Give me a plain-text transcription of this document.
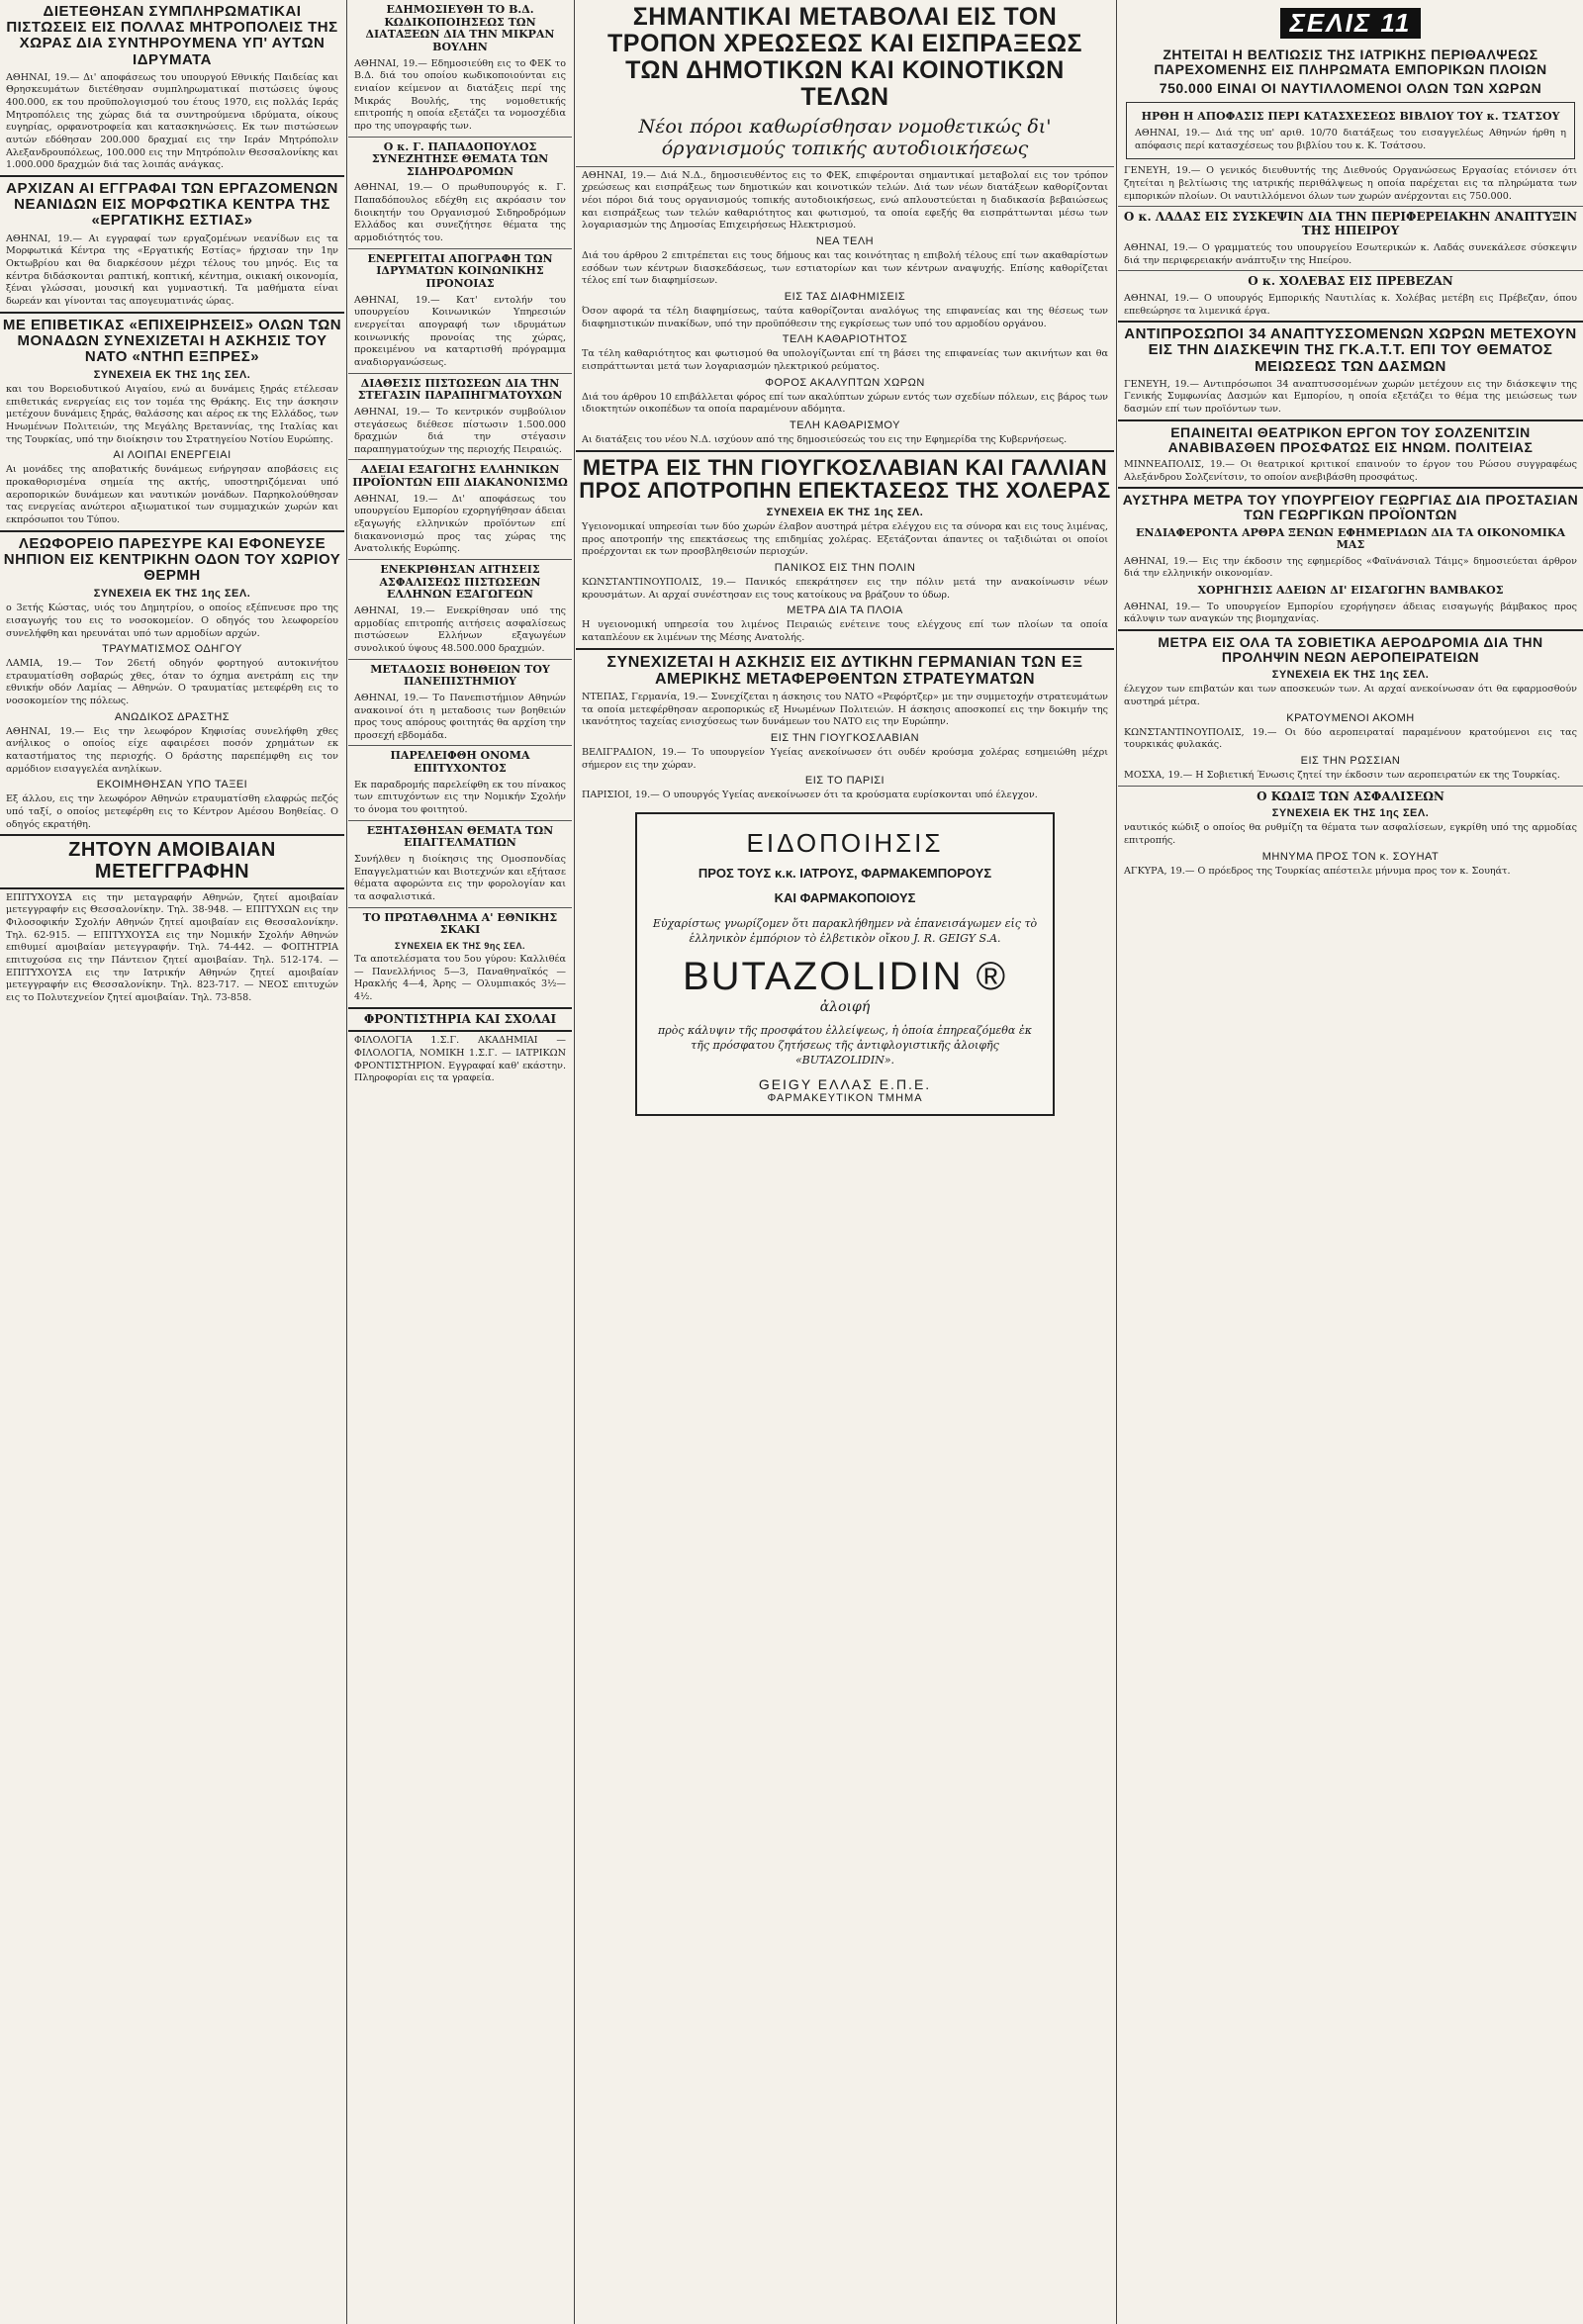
ΔΙΕΤΕΘΗΣΑΝ ΣΥΜΠΛΗΡΩΜΑΤΙΚΑΙ ΠΙΣΤΩΣΕΙΣ ΕΙΣ ΠΟΛΛΑΣ ΜΗΤΡΟΠΟΛΕΙΣ ΤΗΣ ΧΩΡΑΣ ΔΙΑ ΣΥΝΤΗΡΟΥΜΕΝΑ ΥΠ' ΑΥΤΩΝ ΙΔΡΥΜΑΤΑ
ΑΘΗΝΑΙ, 19.— Δι' αποφάσεως του υπουργού Εθνικής Παιδείας και Θρησκευμάτων διετέθησαν συμπληρωματικαί πιστώσεις ύψους 400.000, εκ του προϋπολογισμού του έτους 1970, εις πολλάς Ιεράς Μητροπόλεις της χώρας διά τα συντηρούμενα ιδρύματα, οίκους ευγηρίας, ορφανοτροφεία και κατασκηνώσεις. Εκ των πιστώσεων αυτών εδόθησαν 200.000 δραχμαί εις την Ιεράν Μητρόπολιν Αλεξανδρουπόλεως, 100.000 εις την Μητρόπολιν Θεσσαλονίκης και 1.000.000 δραχμών διά τας λοιπάς ανάγκας.
ΑΡΧΙΖΑΝ ΑΙ ΕΓΓΡΑΦΑΙ ΤΩΝ ΕΡΓΑΖΟΜΕΝΩΝ ΝΕΑΝΙΔΩΝ ΕΙΣ ΜΟΡΦΩΤΙΚΑ ΚΕΝΤΡΑ ΤΗΣ «ΕΡΓΑΤΙΚΗΣ ΕΣΤΙΑΣ»
ΑΘΗΝΑΙ, 19.— Αι εγγραφαί των εργαζομένων νεανίδων εις τα Μορφωτικά Κέντρα της «Εργατικής Εστίας» ήρχισαν την 1ην Οκτωβρίου και θα διαρκέσουν μέχρι τέλους του μηνός. Εις τα κέντρα διδάσκονται ραπτική, κοπτική, κέντημα, οικιακή οικονομία, ξέναι γλώσσαι, μουσική και γυμναστική. Τα μαθήματα είναι δωρεάν και γίνονται τας απογευματινάς ώρας.
ΜΕ ΕΠΙΒΕΤΙΚΑΣ «ΕΠΙΧΕΙΡΗΣΕΙΣ» ΟΛΩΝ ΤΩΝ ΜΟΝΑΔΩΝ ΣΥΝΕΧΙΖΕΤΑΙ Η ΑΣΚΗΣΙΣ ΤΟΥ ΝΑΤΟ «ΝΤΗΠ ΕΞΠΡΕΣ»
ΣΥΝΕΧΕΙΑ ΕΚ ΤΗΣ 1ης ΣΕΛ.
και του Βορειοδυτικού Αιγαίου, ενώ αι δυνάμεις ξηράς ετέλεσαν επιθετικάς ενεργείας εις τον τομέα της Θράκης. Εις την άσκησιν μετέχουν δυνάμεις ξηράς, θαλάσσης και αέρος εκ της Ελλάδος, των Ηνωμένων Πολιτειών, της Μεγάλης Βρεταννίας, της Ιταλίας και της Τουρκίας, υπό την διοίκησιν του Στρατηγείου Νοτίου Ευρώπης.
ΑΙ ΛΟΙΠΑΙ ΕΝΕΡΓΕΙΑΙ
Αι μονάδες της αποβατικής δυνάμεως ενήργησαν αποβάσεις εις προκαθορισμένα σημεία της ακτής, υποστηριζόμεναι υπό αεροπορικών δυνάμεων και ναυτικών μονάδων. Παρηκολούθησαν τας ενεργείας ανώτεροι αξιωματικοί των συμμαχικών χωρών και εκπρόσωποι του Τύπου.
ΛΕΩΦΟΡΕΙΟ ΠΑΡΕΣΥΡΕ ΚΑΙ ΕΦΟΝΕΥΣΕ ΝΗΠΙΟΝ ΕΙΣ ΚΕΝΤΡΙΚΗΝ ΟΔΟΝ ΤΟΥ ΧΩΡΙΟΥ ΘΕΡΜΗ
ΣΥΝΕΧΕΙΑ ΕΚ ΤΗΣ 1ης ΣΕΛ.
ο 3ετής Κώστας, υιός του Δημητρίου, ο οποίος εξέπνευσε προ της εισαγωγής του εις το νοσοκομείον. Ο οδηγός του λεωφορείου συνελήφθη και ηρευνάται υπό των αρμοδίων αρχών.
ΤΡΑΥΜΑΤΙΣΜΟΣ ΟΔΗΓΟΥ
ΛΑΜΙΑ, 19.— Τον 26ετή οδηγόν φορτηγού αυτοκινήτου ετραυματίσθη σοβαρώς χθες, όταν το όχημα ανετράπη εις την εθνικήν οδόν Λαμίας — Αθηνών. Ο τραυματίας μετεφέρθη εις το νοσοκομείον της πόλεως.
ΑΝΩΔΙΚΟΣ ΔΡΑΣΤΗΣ
ΑΘΗΝΑΙ, 19.— Εις την λεωφόρον Κηφισίας συνελήφθη χθες ανήλικος ο οποίος είχε αφαιρέσει ποσόν χρημάτων εκ καταστήματος της περιοχής. Ο δράστης παρεπέμφθη εις τον αρμόδιον εισαγγελέα ανηλίκων.
ΕΚΟΙΜΗΘΗΣΑΝ ΥΠΟ ΤΑΞΕΙ
Εξ άλλου, εις την λεωφόρον Αθηνών ετραυματίσθη ελαφρώς πεζός υπό ταξί, ο οποίος μετεφέρθη εις το Κέντρον Αμέσου Βοηθείας. Ο οδηγός εκρατήθη.
ΖΗΤΟΥΝ ΑΜΟΙΒΑΙΑΝ ΜΕΤΕΓΓΡΑΦΗΝ
ΕΠΙΤΥΧΟΥΣΑ εις την μεταγραφήν Αθηνών, ζητεί αμοιβαίαν μετεγγραφήν εις Θεσσαλονίκην. Τηλ. 38-948. — ΕΠΙΤΥΧΩΝ εις την Φιλοσοφικήν Σχολήν Αθηνών ζητεί αμοιβαίαν εις Θεσσαλονίκην. Τηλ. 62-915. — ΕΠΙΤΥΧΟΥΣΑ εις την Νομικήν Σχολήν Αθηνών επιθυμεί αμοιβαίαν μετεγγραφήν. Τηλ. 74-442. — ΦΟΙΤΗΤΡΙΑ επιτυχούσα εις την Πάντειον ζητεί αμοιβαίαν. Τηλ. 512-174. — ΕΠΙΤΥΧΟΥΣΑ εις την Ιατρικήν Αθηνών ζητεί αμοιβαίαν μετεγγραφήν εις Θεσσαλονίκην. Τηλ. 823-717. — ΝΕΟΣ επιτυχών εις το Πολυτεχνείον ζητεί αμοιβαίαν. Τηλ. 73-858.
ΕΔΗΜΟΣΙΕΥΘΗ ΤΟ Β.Δ. ΚΩΔΙΚΟΠΟΙΗΣΕΩΣ ΤΩΝ ΔΙΑΤΑΞΕΩΝ ΔΙΑ ΤΗΝ ΜΙΚΡΑΝ ΒΟΥΛΗΝ
ΑΘΗΝΑΙ, 19.— Εδημοσιεύθη εις το ΦΕΚ το Β.Δ. διά του οποίου κωδικοποιούνται εις ενιαίον κείμενον αι διατάξεις περί της Μικράς Βουλής, της νομοθετικής επιτροπής η οποία εξετάζει τα νομοσχέδια προ της υπογραφής των.
Ο κ. Γ. ΠΑΠΑΔΟΠΟΥΛΟΣ ΣΥΝΕΖΗΤΗΣΕ ΘΕΜΑΤΑ ΤΩΝ ΣΙΔΗΡΟΔΡΟΜΩΝ
ΑΘΗΝΑΙ, 19.— Ο πρωθυπουργός κ. Γ. Παπαδόπουλος εδέχθη εις ακρόασιν τον διοικητήν του Οργανισμού Σιδηροδρόμων Ελλάδος και συνεζήτησε θέματα της αρμοδιότητός του.
ΕΝΕΡΓΕΙΤΑΙ ΑΠΟΓΡΑΦΗ ΤΩΝ ΙΔΡΥΜΑΤΩΝ ΚΟΙΝΩΝΙΚΗΣ ΠΡΟΝΟΙΑΣ
ΑΘΗΝΑΙ, 19.— Κατ' εντολήν του υπουργείου Κοινωνικών Υπηρεσιών ενεργείται απογραφή των ιδρυμάτων κοινωνικής προνοίας της χώρας, προκειμένου να καταρτισθή πρόγραμμα αναδιοργανώσεως.
ΔΙΑΘΕΣΙΣ ΠΙΣΤΩΣΕΩΝ ΔΙΑ ΤΗΝ ΣΤΕΓΑΣΙΝ ΠΑΡΑΠΗΓΜΑΤΟΥΧΩΝ
ΑΘΗΝΑΙ, 19.— Το κεντρικόν συμβούλιον στεγάσεως διέθεσε πίστωσιν 1.500.000 δραχμών διά την στέγασιν παραπηγματούχων της περιοχής Πειραιώς.
ΑΔΕΙΑΙ ΕΞΑΓΩΓΗΣ ΕΛΛΗΝΙΚΩΝ ΠΡΟΪΟΝΤΩΝ ΕΠΙ ΔΙΑΚΑΝΟΝΙΣΜΩ
ΑΘΗΝΑΙ, 19.— Δι' αποφάσεως του υπουργείου Εμπορίου εχορηγήθησαν άδειαι εξαγωγής ελληνικών προϊόντων επί διακανονισμώ προς τας χώρας της Ανατολικής Ευρώπης.
ΕΝΕΚΡΙΘΗΣΑΝ ΑΙΤΗΣΕΙΣ ΑΣΦΑΛΙΣΕΩΣ ΠΙΣΤΩΣΕΩΝ ΕΛΛΗΝΩΝ ΕΞΑΓΩΓΕΩΝ
ΑΘΗΝΑΙ, 19.— Ενεκρίθησαν υπό της αρμοδίας επιτροπής αιτήσεις ασφαλίσεως πιστώσεων Ελλήνων εξαγωγέων συνολικού ύψους 48.500.000 δραχμών.
ΜΕΤΑΔΟΣΙΣ ΒΟΗΘΕΙΩΝ ΤΟΥ ΠΑΝΕΠΙΣΤΗΜΙΟΥ
ΑΘΗΝΑΙ, 19.— Το Πανεπιστήμιον Αθηνών ανακοινοί ότι η μεταδοσις των βοηθειών προς τους απόρους φοιτητάς θα αρχίση την προσεχή εβδομάδα.
ΠΑΡΕΛΕΙΦΘΗ ΟΝΟΜΑ ΕΠΙΤΥΧΟΝΤΟΣ
Εκ παραδρομής παρελείφθη εκ του πίνακος των επιτυχόντων εις την Νομικήν Σχολήν το όνομα του φοιτητού.
ΕΞΗΤΑΣΘΗΣΑΝ ΘΕΜΑΤΑ ΤΩΝ ΕΠΑΓΓΕΛΜΑΤΙΩΝ
Συνήλθεν η διοίκησις της Ομοσπονδίας Επαγγελματιών και Βιοτεχνών και εξήτασε θέματα αφορώντα εις την φορολογίαν και τα ασφαλιστικά.
ΤΟ ΠΡΩΤΑΘΛΗΜΑ Α' ΕΘΝΙΚΗΣ ΣΚΑΚΙ
ΣΥΝΕΧΕΙΑ ΕΚ ΤΗΣ 9ης ΣΕΛ.
Τα αποτελέσματα του 5ου γύρου: Καλλιθέα — Πανελλήνιος 5—3, Παναθηναϊκός — Ηρακλής 4—4, Άρης — Ολυμπιακός 3½—4½.
ΦΡΟΝΤΙΣΤΗΡΙΑ ΚΑΙ ΣΧΟΛΑΙ
ΦΙΛΟΛΟΓΙΑ 1.Σ.Γ. ΑΚΑΔΗΜΙΑΙ — ΦΙΛΟΛΟΓΙΑ, ΝΟΜΙΚΗ 1.Σ.Γ. — ΙΑΤΡΙΚΩΝ ΦΡΟΝΤΙΣΤΗΡΙΟΝ. Εγγραφαί καθ' εκάστην. Πληροφορίαι εις τα γραφεία.
ΣΗΜΑΝΤΙΚΑΙ ΜΕΤΑΒΟΛΑΙ ΕΙΣ ΤΟΝ ΤΡΟΠΟΝ ΧΡΕΩΣΕΩΣ ΚΑΙ ΕΙΣΠΡΑΞΕΩΣ ΤΩΝ ΔΗΜΟΤΙΚΩΝ ΚΑΙ ΚΟΙΝΟΤΙΚΩΝ ΤΕΛΩΝ
Νέοι πόροι καθωρίσθησαν νομοθετικώς δι' όργανισμούς τοπικής αυτοδιοικήσεως
ΑΘΗΝΑΙ, 19.— Διά Ν.Δ., δημοσιευθέντος εις το ΦΕΚ, επιφέρονται σημαντικαί μεταβολαί εις τον τρόπον χρεώσεως και εισπράξεως των δημοτικών και κοινοτικών τελών. Διά των νέων διατάξεων καθορίζονται νέοι πόροι διά τους οργανισμούς τοπικής αυτοδιοικήσεως, ενώ απλουστεύεται η διαδικασία βεβαιώσεως και εισπράξεως των τελών καθαριότητος και φωτισμού, τα οποία εφεξής θα εισπράττωνται μέσω των λογαριασμών της Δημοσίας Επιχειρήσεως Ηλεκτρισμού.
ΝΕΑ ΤΕΛΗ
Διά του άρθρου 2 επιτρέπεται εις τους δήμους και τας κοινότητας η επιβολή τέλους επί των ακαθαρίστων εσόδων των κέντρων διασκεδάσεως, των εστιατορίων και των κέντρων αναψυχής. Επίσης καθορίζεται τέλος επί των διαφημίσεων.
ΕΙΣ ΤΑΣ ΔΙΑΦΗΜΙΣΕΙΣ
Όσον αφορά τα τέλη διαφημίσεως, ταύτα καθορίζονται αναλόγως της επιφανείας και της θέσεως των διαφημιστικών πινακίδων, υπό την προϋπόθεσιν της εγκρίσεως των υπό του αρμοδίου οργάνου.
ΤΕΛΗ ΚΑΘΑΡΙΟΤΗΤΟΣ
Τα τέλη καθαριότητος και φωτισμού θα υπολογίζωνται επί τη βάσει της επιφανείας των ακινήτων και θα εισπράττωνται μετά των λογαριασμών ηλεκτρικού ρεύματος.
ΦΟΡΟΣ ΑΚΑΛΥΠΤΩΝ ΧΩΡΩΝ
Διά του άρθρου 10 επιβάλλεται φόρος επί των ακαλύπτων χώρων εντός των σχεδίων πόλεων, εις βάρος των ιδιοκτητών οικοπέδων τα οποία παραμένουν αδόμητα.
ΤΕΛΗ ΚΑΘΑΡΙΣΜΟΥ
Αι διατάξεις του νέου Ν.Δ. ισχύουν από της δημοσιεύσεώς του εις την Εφημερίδα της Κυβερνήσεως.
ΜΕΤΡΑ ΕΙΣ ΤΗΝ ΓΙΟΥΓΚΟΣΛΑΒΙΑΝ ΚΑΙ ΓΑΛΛΙΑΝ ΠΡΟΣ ΑΠΟΤΡΟΠΗΝ ΕΠΕΚΤΑΣΕΩΣ ΤΗΣ ΧΟΛΕΡΑΣ
ΣΥΝΕΧΕΙΑ ΕΚ ΤΗΣ 1ης ΣΕΛ.
Υγειονομικαί υπηρεσίαι των δύο χωρών έλαβον αυστηρά μέτρα ελέγχου εις τα σύνορα και εις τους λιμένας, προς αποτροπήν της επεκτάσεως της επιδημίας χολέρας. Εξετάζονται άπαντες οι ταξιδιώται οι οποίοι προέρχονται εκ των προσβληθεισών περιοχών.
ΠΑΝΙΚΟΣ ΕΙΣ ΤΗΝ ΠΟΛΙΝ
ΚΩΝΣΤΑΝΤΙΝΟΥΠΟΛΙΣ, 19.— Πανικός επεκράτησεν εις την πόλιν μετά την ανακοίνωσιν νέων κρουσμάτων. Αι αρχαί συνέστησαν εις τους κατοίκους να βράζουν το ύδωρ.
ΜΕΤΡΑ ΔΙΑ ΤΑ ΠΛΟΙΑ
Η υγειονομική υπηρεσία του λιμένος Πειραιώς ενέτεινε τους ελέγχους επί των πλοίων τα οποία καταπλέουν εκ λιμένων της Μέσης Ανατολής.
ΣΥΝΕΧΙΖΕΤΑΙ Η ΑΣΚΗΣΙΣ ΕΙΣ ΔΥΤΙΚΗΝ ΓΕΡΜΑΝΙΑΝ ΤΩΝ ΕΞ ΑΜΕΡΙΚΗΣ ΜΕΤΑΦΕΡΘΕΝΤΩΝ ΣΤΡΑΤΕΥΜΑΤΩΝ
ΝΤΕΠΑΣ, Γερμανία, 19.— Συνεχίζεται η άσκησις του ΝΑΤΟ «Ρεφόρτζερ» με την συμμετοχήν στρατευμάτων τα οποία μετεφέρθησαν αεροπορικώς εξ Ηνωμένων Πολιτειών. Η άσκησις αποσκοπεί εις την δοκιμήν της ικανότητος ταχείας ενισχύσεως των δυνάμεων του ΝΑΤΟ εις την Ευρώπην.
ΕΙΣ ΤΗΝ ΓΙΟΥΓΚΟΣΛΑΒΙΑΝ
ΒΕΛΙΓΡΑΔΙΟΝ, 19.— Το υπουργείον Υγείας ανεκοίνωσεν ότι ουδέν κρούσμα χολέρας εσημειώθη μέχρι σήμερον εις την χώραν.
ΕΙΣ ΤΟ ΠΑΡΙΣΙ
ΠΑΡΙΣΙΟΙ, 19.— Ο υπουργός Υγείας ανεκοίνωσεν ότι τα κρούσματα ευρίσκονται υπό έλεγχον.
ΕΙΔΟΠΟΙΗΣΙΣ
ΠΡΟΣ ΤΟΥΣ κ.κ. ΙΑΤΡΟΥΣ, ΦΑΡΜΑΚΕΜΠΟΡΟΥΣ
ΚΑΙ ΦΑΡΜΑΚΟΠΟΙΟΥΣ
Εὐχαρίστως γνωρίζομεν ὅτι παρακλήθημεν νὰ ἐπανεισάγωμεν εἰς τὸ ἑλληνικὸν ἐμπόριον τὸ ἐλβετικὸν οἴκου J. R. GEIGY S.A.
BUTAZOLIDIN ®
ἀλοιφή
πρὸς κάλυψιν τῆς προσφάτου ἐλλείψεως, ἡ ὁποία ἐπηρεαζόμεθα ἐκ τῆς πρόσφατου ζητήσεως τῆς ἀντιφλογιστικῆς ἀλοιφῆς «BUTAZOLIDIN».
GEIGY ΕΛΛΑΣ Ε.Π.Ε.
ΦΑΡΜΑΚΕΥΤΙΚΟΝ ΤΜΗΜΑ
ΣΕΛΙΣ 11
ΖΗΤΕΙΤΑΙ Η ΒΕΛΤΙΩΣΙΣ ΤΗΣ ΙΑΤΡΙΚΗΣ ΠΕΡΙΘΑΛΨΕΩΣ ΠΑΡΕΧΟΜΕΝΗΣ ΕΙΣ ΠΛΗΡΩΜΑΤΑ ΕΜΠΟΡΙΚΩΝ ΠΛΟΙΩΝ
750.000 ΕΙΝΑΙ ΟΙ ΝΑΥΤΙΛΛΟΜΕΝΟΙ ΟΛΩΝ ΤΩΝ ΧΩΡΩΝ
ΗΡΘΗ Η ΑΠΟΦΑΣΙΣ ΠΕΡΙ ΚΑΤΑΣΧΕΣΕΩΣ ΒΙΒΛΙΟΥ ΤΟΥ κ. ΤΣΑΤΣΟΥ
ΑΘΗΝΑΙ, 19.— Διά της υπ' αριθ. 10/70 διατάξεως του εισαγγελέως Αθηνών ήρθη η απόφασις περί κατασχέσεως του βιβλίου του κ. Κ. Τσάτσου.
ΓΕΝΕΥΗ, 19.— Ο γενικός διευθυντής της Διεθνούς Οργανώσεως Εργασίας ετόνισεν ότι ζητείται η βελτίωσις της ιατρικής περιθάλψεως η οποία παρέχεται εις τα πληρώματα των εμπορικών πλοίων. Οι ναυτιλλόμενοι όλων των χωρών ανέρχονται εις 750.000.
Ο κ. ΛΑΔΑΣ ΕΙΣ ΣΥΣΚΕΨΙΝ ΔΙΑ ΤΗΝ ΠΕΡΙΦΕΡΕΙΑΚΗΝ ΑΝΑΠΤΥΞΙΝ ΤΗΣ ΗΠΕΙΡΟΥ
ΑΘΗΝΑΙ, 19.— Ο γραμματεύς του υπουργείου Εσωτερικών κ. Λαδάς συνεκάλεσε σύσκεψιν διά την περιφερειακήν ανάπτυξιν της Ηπείρου.
Ο κ. ΧΟΛΕΒΑΣ ΕΙΣ ΠΡΕΒΕΖΑΝ
ΑΘΗΝΑΙ, 19.— Ο υπουργός Εμπορικής Ναυτιλίας κ. Χολέβας μετέβη εις Πρέβεζαν, όπου επεθεώρησε τα λιμενικά έργα.
ΑΝΤΙΠΡΟΣΩΠΟΙ 34 ΑΝΑΠΤΥΣΣΟΜΕΝΩΝ ΧΩΡΩΝ ΜΕΤΕΧΟΥΝ ΕΙΣ ΤΗΝ ΔΙΑΣΚΕΨΙΝ ΤΗΣ ΓΚ.Α.Τ.Τ. ΕΠΙ ΤΟΥ ΘΕΜΑΤΟΣ ΜΕΙΩΣΕΩΣ ΤΩΝ ΔΑΣΜΩΝ
ΓΕΝΕΥΗ, 19.— Αντιπρόσωποι 34 αναπτυσσομένων χωρών μετέχουν εις την διάσκεψιν της Γενικής Συμφωνίας Δασμών και Εμπορίου, η οποία εξετάζει το θέμα της μειώσεως των δασμών επί των προϊόντων των.
ΕΠΑΙΝΕΙΤΑΙ ΘΕΑΤΡΙΚΟΝ ΕΡΓΟΝ ΤΟΥ ΣΟΛΖΕΝΙΤΣΙΝ ΑΝΑΒΙΒΑΣΘΕΝ ΠΡΟΣΦΑΤΩΣ ΕΙΣ ΗΝΩΜ. ΠΟΛΙΤΕΙΑΣ
ΜΙΝΝΕΑΠΟΛΙΣ, 19.— Οι θεατρικοί κριτικοί επαινούν το έργον του Ρώσου συγγραφέως Αλεξάνδρου Σολζενίτσιν, το οποίον ανεβιβάσθη προσφάτως.
ΑΥΣΤΗΡΑ ΜΕΤΡΑ ΤΟΥ ΥΠΟΥΡΓΕΙΟΥ ΓΕΩΡΓΙΑΣ ΔΙΑ ΠΡΟΣΤΑΣΙΑΝ ΤΩΝ ΓΕΩΡΓΙΚΩΝ ΠΡΟΪΟΝΤΩΝ
ΕΝΔΙΑΦΕΡΟΝΤΑ ΑΡΘΡΑ ΞΕΝΩΝ ΕΦΗΜΕΡΙΔΩΝ ΔΙΑ ΤΑ ΟΙΚΟΝΟΜΙΚΑ ΜΑΣ
ΑΘΗΝΑΙ, 19.— Εις την έκδοσιν της εφημερίδος «Φαϊνάνσιαλ Τάιμς» δημοσιεύεται άρθρον διά την ελληνικήν οικονομίαν.
ΧΟΡΗΓΗΣΙΣ ΑΔΕΙΩΝ ΔΙ' ΕΙΣΑΓΩΓΗΝ ΒΑΜΒΑΚΟΣ
ΑΘΗΝΑΙ, 19.— Το υπουργείον Εμπορίου εχορήγησεν άδειας εισαγωγής βάμβακος προς κάλυψιν των αναγκών της βιομηχανίας.
ΜΕΤΡΑ ΕΙΣ ΟΛΑ ΤΑ ΣΟΒΙΕΤΙΚΑ ΑΕΡΟΔΡΟΜΙΑ ΔΙΑ ΤΗΝ ΠΡΟΛΗΨΙΝ ΝΕΩΝ ΑΕΡΟΠΕΙΡΑΤΕΙΩΝ
ΣΥΝΕΧΕΙΑ ΕΚ ΤΗΣ 1ης ΣΕΛ.
έλεγχον των επιβατών και των αποσκευών των. Αι αρχαί ανεκοίνωσαν ότι θα εφαρμοσθούν αυστηρά μέτρα.
ΚΡΑΤΟΥΜΕΝΟΙ ΑΚΟΜΗ
ΚΩΝΣΤΑΝΤΙΝΟΥΠΟΛΙΣ, 19.— Οι δύο αεροπειραταί παραμένουν κρατούμενοι εις τας τουρκικάς φυλακάς.
ΕΙΣ ΤΗΝ ΡΩΣΣΙΑΝ
ΜΟΣΧΑ, 19.— Η Σοβιετική Ένωσις ζητεί την έκδοσιν των αεροπειρατών εκ της Τουρκίας.
Ο ΚΩΔΙΞ ΤΩΝ ΑΣΦΑΛΙΣΕΩΝ
ΣΥΝΕΧΕΙΑ ΕΚ ΤΗΣ 1ης ΣΕΛ.
ναυτικός κώδιξ ο οποίος θα ρυθμίζη τα θέματα των ασφαλίσεων, εγκρίθη υπό της αρμοδίας επιτροπής.
ΜΗΝΥΜΑ ΠΡΟΣ ΤΟΝ κ. ΣΟΥΗΑΤ
ΑΓΚΥΡΑ, 19.— Ο πρόεδρος της Τουρκίας απέστειλε μήνυμα προς τον κ. Σουηάτ.
